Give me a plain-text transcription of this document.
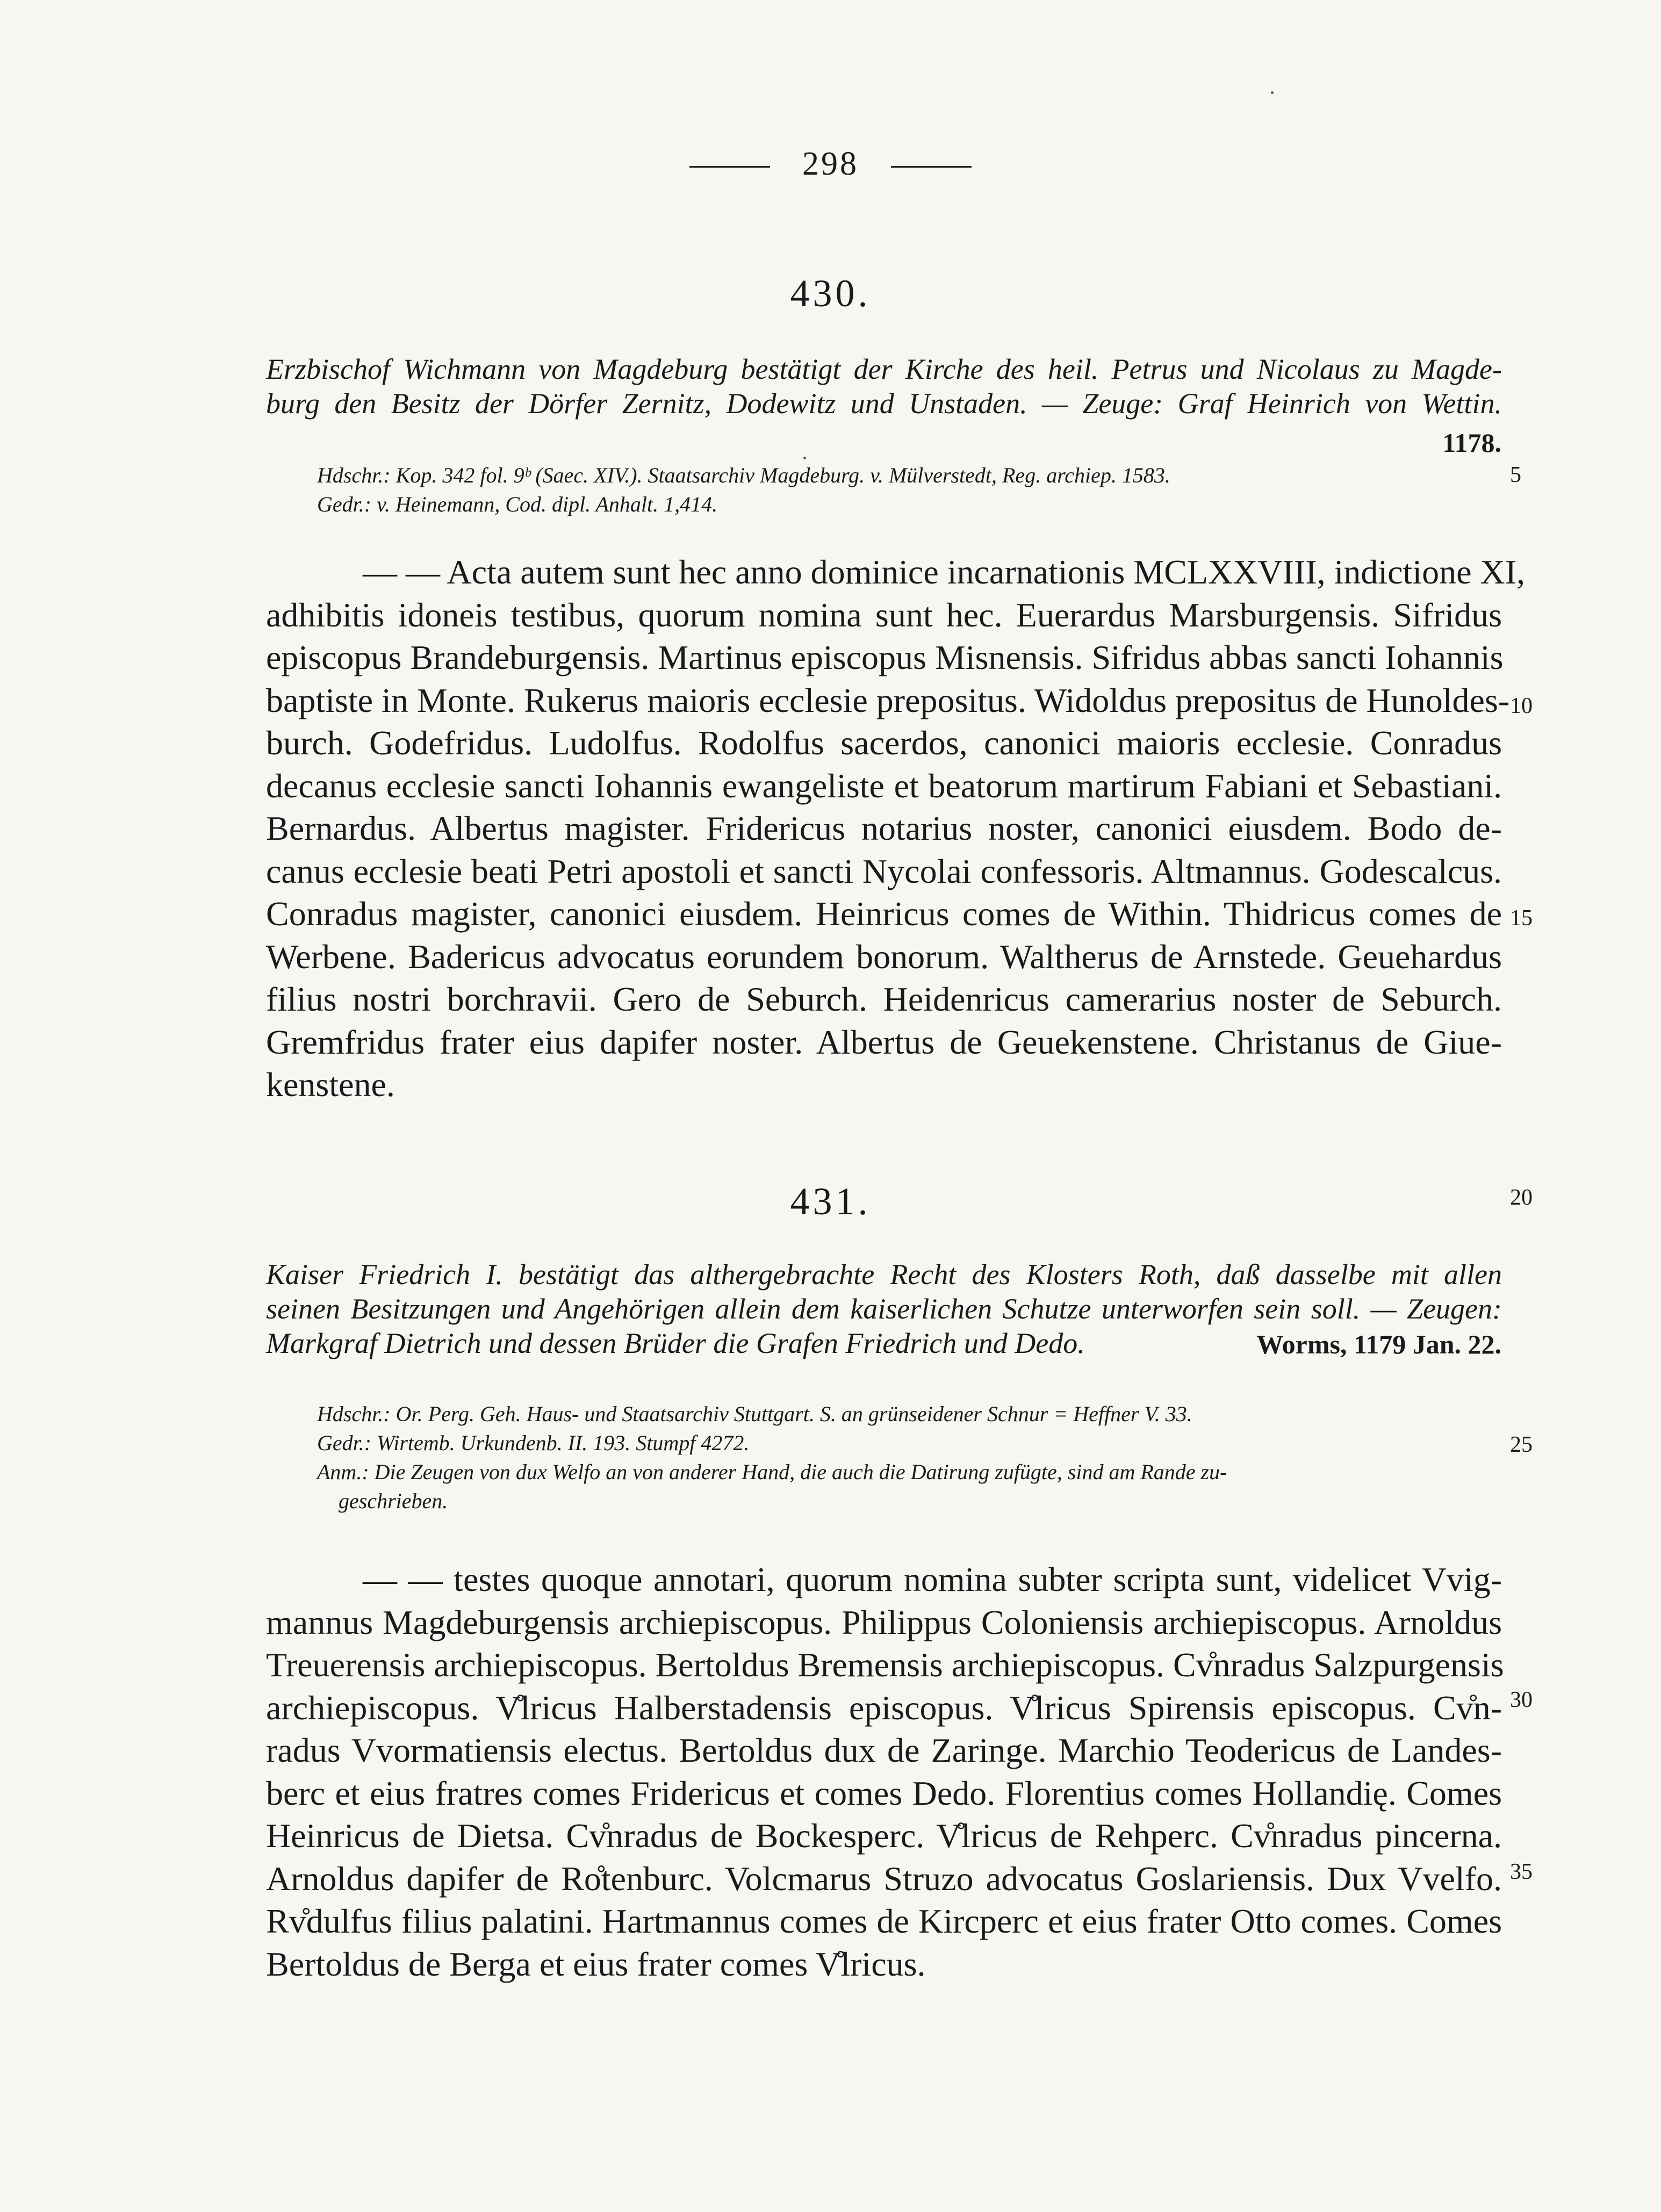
298
430.
Erzbischof Wichmann von Magdeburg bestätigt der Kirche des heil. Petrus und Nicolaus zu Magde-
burg den Besitz der Dörfer Zernitz, Dodewitz und Unstaden. — Zeuge: Graf Heinrich von Wettin.
1178.
Hdschr.: Kop. 342 fol. 9ᵇ (Saec. XIV.). Staatsarchiv Magdeburg. v. Mülverstedt, Reg. archiep. 1583.
Gedr.: v. Heinemann, Cod. dipl. Anhalt. 1,414.
— — Acta autem sunt hec anno dominice incarnationis MCLXXVIII, indictione XI,
adhibitis idoneis testibus, quorum nomina sunt hec. Euerardus Marsburgensis. Sifridus
episcopus Brandeburgensis. Martinus episcopus Misnensis. Sifridus abbas sancti Iohannis
baptiste in Monte. Rukerus maioris ecclesie prepositus. Widoldus prepositus de Hunoldes-
burch. Godefridus. Ludolfus. Rodolfus sacerdos, canonici maioris ecclesie. Conradus
decanus ecclesie sancti Iohannis ewangeliste et beatorum martirum Fabiani et Sebastiani.
Bernardus. Albertus magister. Fridericus notarius noster, canonici eiusdem. Bodo de-
canus ecclesie beati Petri apostoli et sancti Nycolai confessoris. Altmannus. Godescalcus.
Conradus magister, canonici eiusdem. Heinricus comes de Within. Thidricus comes de
Werbene. Badericus advocatus eorundem bonorum. Waltherus de Arnstede. Geuehardus
filius nostri borchravii. Gero de Seburch. Heidenricus camerarius noster de Seburch.
Gremfridus frater eius dapifer noster. Albertus de Geuekenstene. Christanus de Giue-
kenstene.
431.
Kaiser Friedrich I. bestätigt das althergebrachte Recht des Klosters Roth, daß dasselbe mit allen
seinen Besitzungen und Angehörigen allein dem kaiserlichen Schutze unterworfen sein soll. — Zeugen:
Markgraf Dietrich und dessen Brüder die Grafen Friedrich und Dedo.	Worms, 1179 Jan. 22.
Hdschr.: Or. Perg. Geh. Haus- und Staatsarchiv Stuttgart. S. an grünseidener Schnur = Heffner V. 33.
Gedr.: Wirtemb. Urkundenb. II. 193. Stumpf 4272.
Anm.: Die Zeugen von dux Welfo an von anderer Hand, die auch die Datirung zufügte, sind am Rande zu-
geschrieben.
— — testes quoque annotari, quorum nomina subter scripta sunt, videlicet Vvig-
mannus Magdeburgensis archiepiscopus. Philippus Coloniensis archiepiscopus. Arnoldus
Treuerensis archiepiscopus. Bertoldus Bremensis archiepiscopus. Cv̊nradus Salzpurgensis
archiepiscopus. V̊lricus Halberstadensis episcopus. V̊lricus Spirensis episcopus. Cv̊n-
radus Vvormatiensis electus. Bertoldus dux de Zaringe. Marchio Teodericus de Landes-
berc et eius fratres comes Fridericus et comes Dedo. Florentius comes Hollandię. Comes
Heinricus de Dietsa. Cv̊nradus de Bockesperc. V̊lricus de Rehperc. Cv̊nradus pincerna.
Arnoldus dapifer de Ro̊tenburc. Volcmarus Struzo advocatus Goslariensis. Dux Vvelfo.
Rv̊dulfus filius palatini. Hartmannus comes de Kircperc et eius frater Otto comes. Comes
Bertoldus de Berga et eius frater comes V̊lricus.
5
10
15
20
25
30
35
